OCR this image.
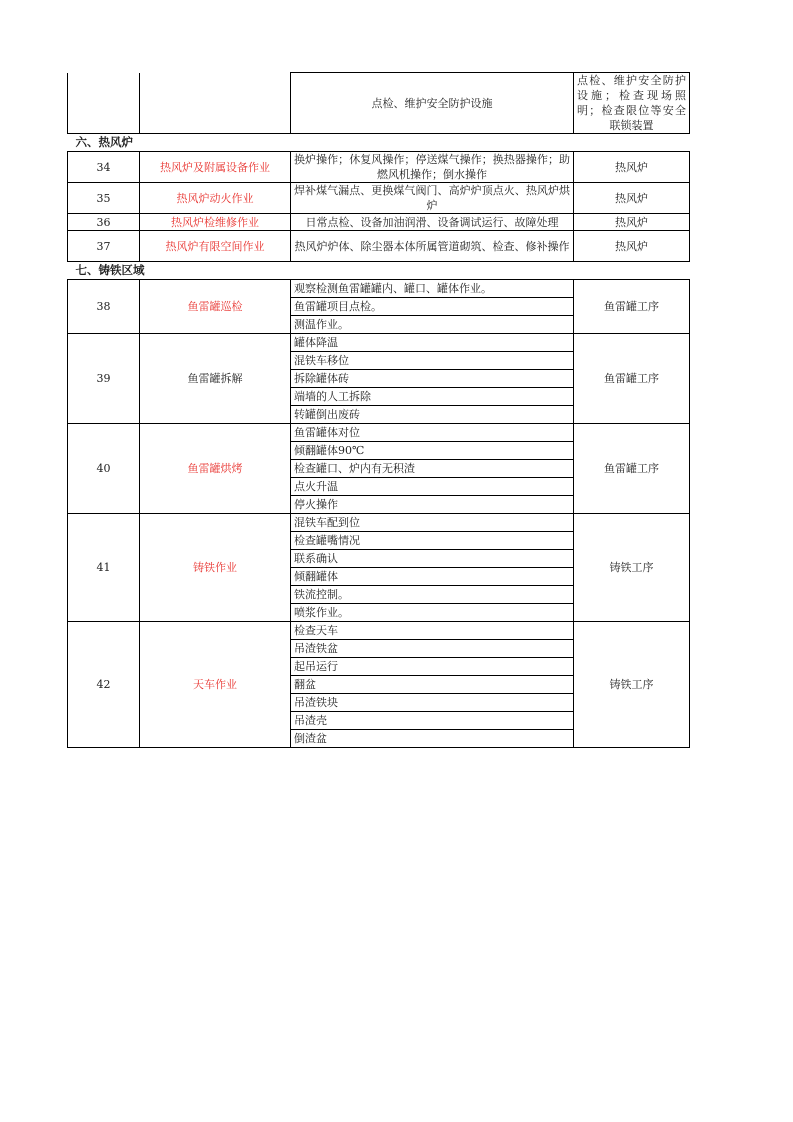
		点检、维护安全防护设施	点检、维护安全防护设施；检查现场照明；检查限位等安全联锁装置
六、热风炉			
34	热风炉及附属设备作业	换炉操作；休复风操作；停送煤气操作；换热器操作；助燃风机操作；倒水操作	热风炉
35	热风炉动火作业	焊补煤气漏点、更换煤气阀门、高炉炉顶点火、热风炉烘炉	热风炉
36	热风炉检维修作业	日常点检、设备加油润滑、设备调试运行、故障处理	热风炉
37	热风炉有限空间作业	热风炉炉体、除尘器本体所属管道砌筑、检查、修补操作	热风炉
七、铸铁区域			
38	鱼雷罐巡检	观察检测鱼雷罐罐内、罐口、罐体作业。	鱼雷罐工序
		鱼雷罐项目点检。	
		测温作业。	
39	鱼雷罐拆解	罐体降温	鱼雷罐工序
		混铁车移位	
		拆除罐体砖	
		端墙的人工拆除	
		转罐倒出废砖	
40	鱼雷罐烘烤	鱼雷罐体对位	鱼雷罐工序
		倾翻罐体90℃	
		检查罐口、炉内有无积渣	
		点火升温	
		停火操作	
41	铸铁作业	混铁车配到位	铸铁工序
		检查罐嘴情况	
		联系确认	
		倾翻罐体	
		铁流控制。	
		喷浆作业。	
42	天车作业	检查天车	铸铁工序
		吊渣铁盆	
		起吊运行	
		翻盆	
		吊渣铁块	
		吊渣壳	
		倒渣盆	
